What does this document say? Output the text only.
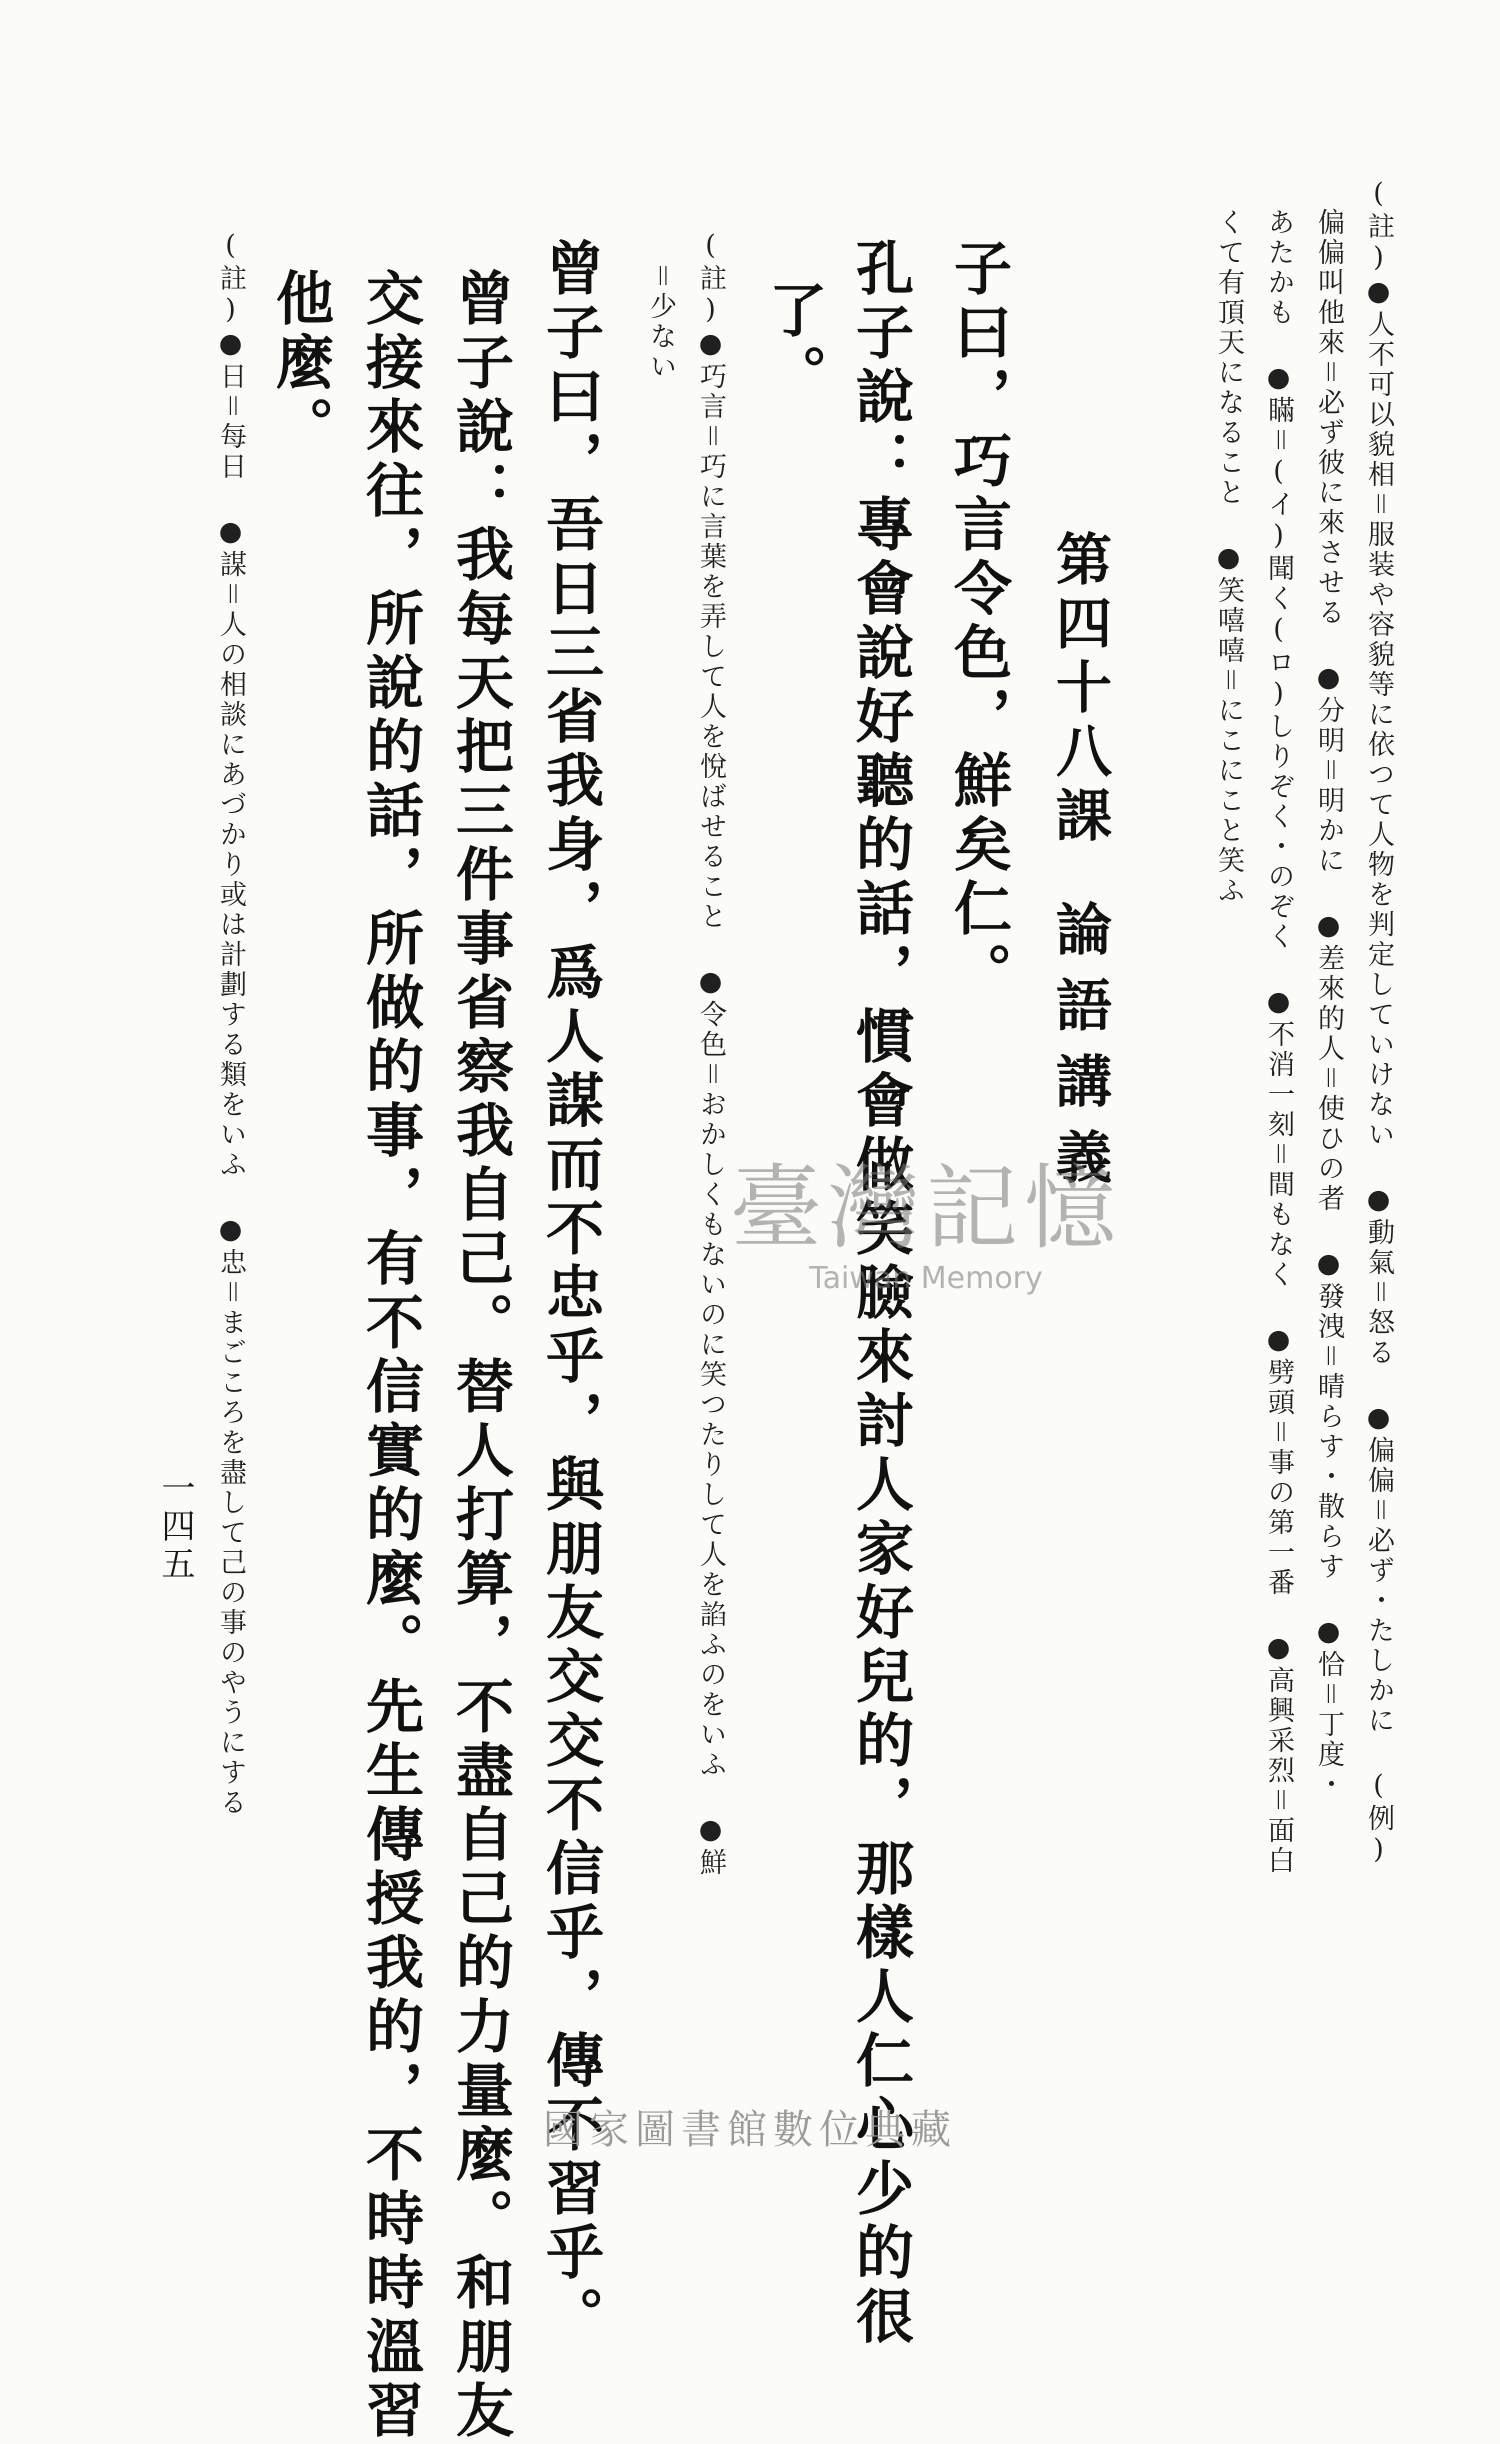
(註)●人不可以貌相＝服装や容貌等に依つて人物を判定していけない ●動氣＝怒る ●偏偏＝必ず・たしかに (例)
偏偏叫他來＝必ず彼に來させる ●分明＝明かに ●差來的人＝使ひの者 ●發洩＝晴らす・散らす ●恰＝丁度・
あたかも ●瞞＝(イ)聞く(ロ)しりぞく・のぞく ●不消一刻＝間もなく ●劈頭＝事の第一番 ●高興采烈＝面白
くて有頂天になること ●笑嘻嘻＝にこにこと笑ふ
第四十八課
論語講義
子曰，巧言令色，鮮矣仁。
孔子說：專會說好聽的話，慣會做笑臉來討人家好兒的，那樣人仁心少的很
了。
(註)●巧言＝巧に言葉を弄して人を悅ばせること ●令色＝おかしくもないのに笑つたりして人を諂ふのをいふ ●鮮
＝少ない
曾子曰，吾日三省我身，爲人謀而不忠乎，與朋友交交不信乎，傳不習乎。
曾子說：我每天把三件事省察我自己。替人打算，不盡自己的力量麼。和朋友
交接來往，所說的話，所做的事，有不信實的麼。先生傳授我的，不時時溫習
他麼。
(註)●日＝每日 ●謀＝人の相談にあづかり或は計劃する類をいふ ●忠＝まごころを盡して己の事のやうにする
一四五
臺灣記憶
Taiwan Memory
國家圖書館數位典藏
